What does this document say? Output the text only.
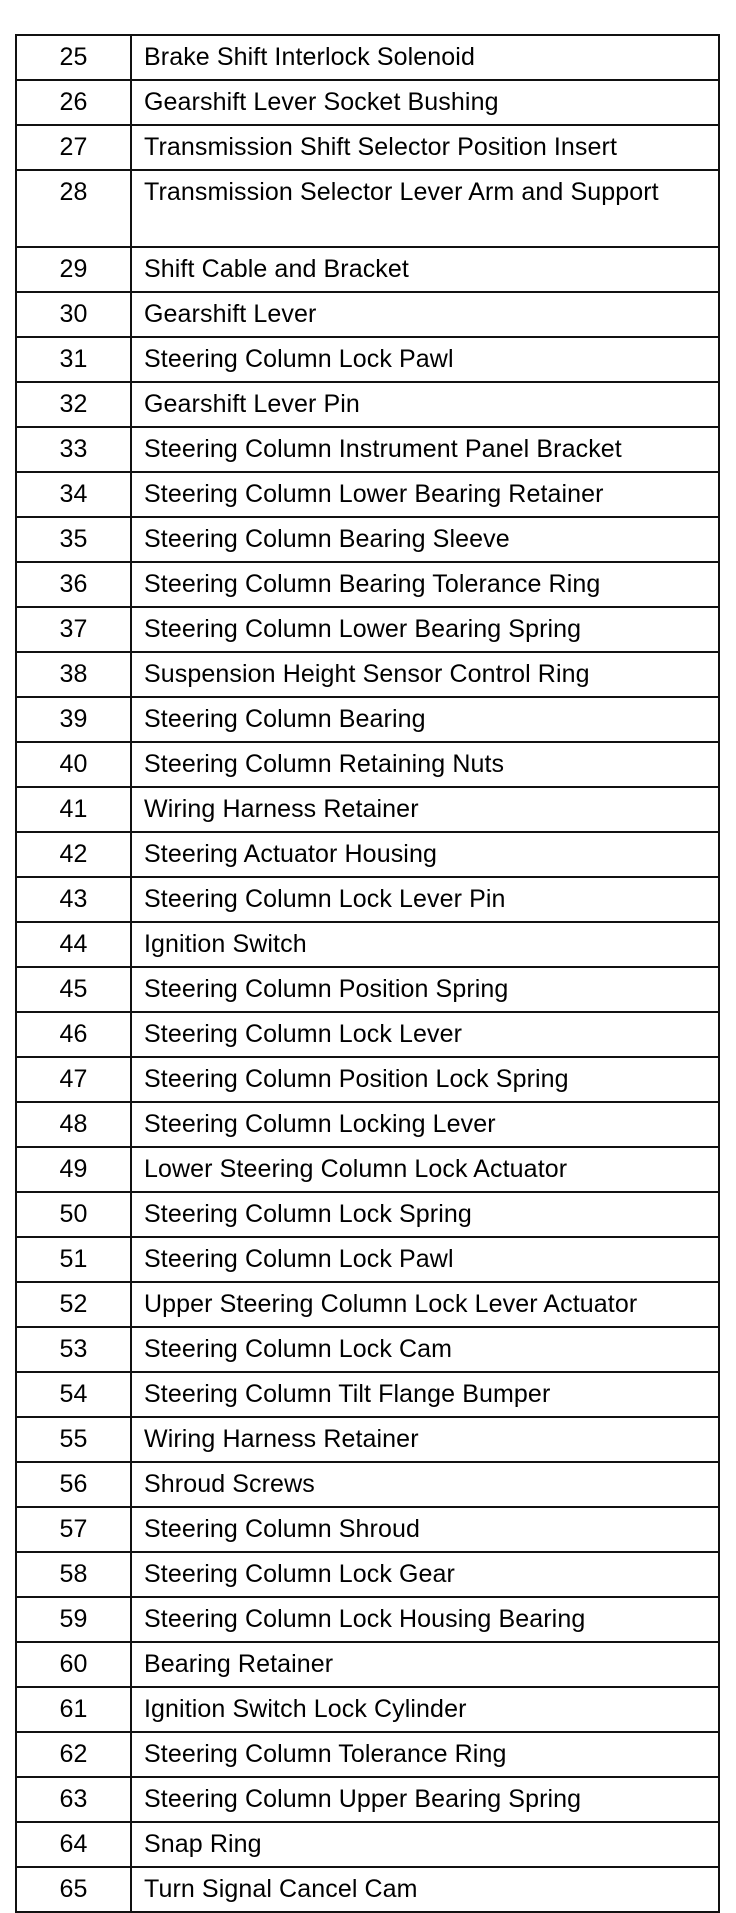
25	Brake Shift Interlock Solenoid
26	Gearshift Lever Socket Bushing
27	Transmission Shift Selector Position Insert
28	Transmission Selector Lever Arm and Support
29	Shift Cable and Bracket
30	Gearshift Lever
31	Steering Column Lock Pawl
32	Gearshift Lever Pin
33	Steering Column Instrument Panel Bracket
34	Steering Column Lower Bearing Retainer
35	Steering Column Bearing Sleeve
36	Steering Column Bearing Tolerance Ring
37	Steering Column Lower Bearing Spring
38	Suspension Height Sensor Control Ring
39	Steering Column Bearing
40	Steering Column Retaining Nuts
41	Wiring Harness Retainer
42	Steering Actuator Housing
43	Steering Column Lock Lever Pin
44	Ignition Switch
45	Steering Column Position Spring
46	Steering Column Lock Lever
47	Steering Column Position Lock Spring
48	Steering Column Locking Lever
49	Lower Steering Column Lock Actuator
50	Steering Column Lock Spring
51	Steering Column Lock Pawl
52	Upper Steering Column Lock Lever Actuator
53	Steering Column Lock Cam
54	Steering Column Tilt Flange Bumper
55	Wiring Harness Retainer
56	Shroud Screws
57	Steering Column Shroud
58	Steering Column Lock Gear
59	Steering Column Lock Housing Bearing
60	Bearing Retainer
61	Ignition Switch Lock Cylinder
62	Steering Column Tolerance Ring
63	Steering Column Upper Bearing Spring
64	Snap Ring
65	Turn Signal Cancel Cam
